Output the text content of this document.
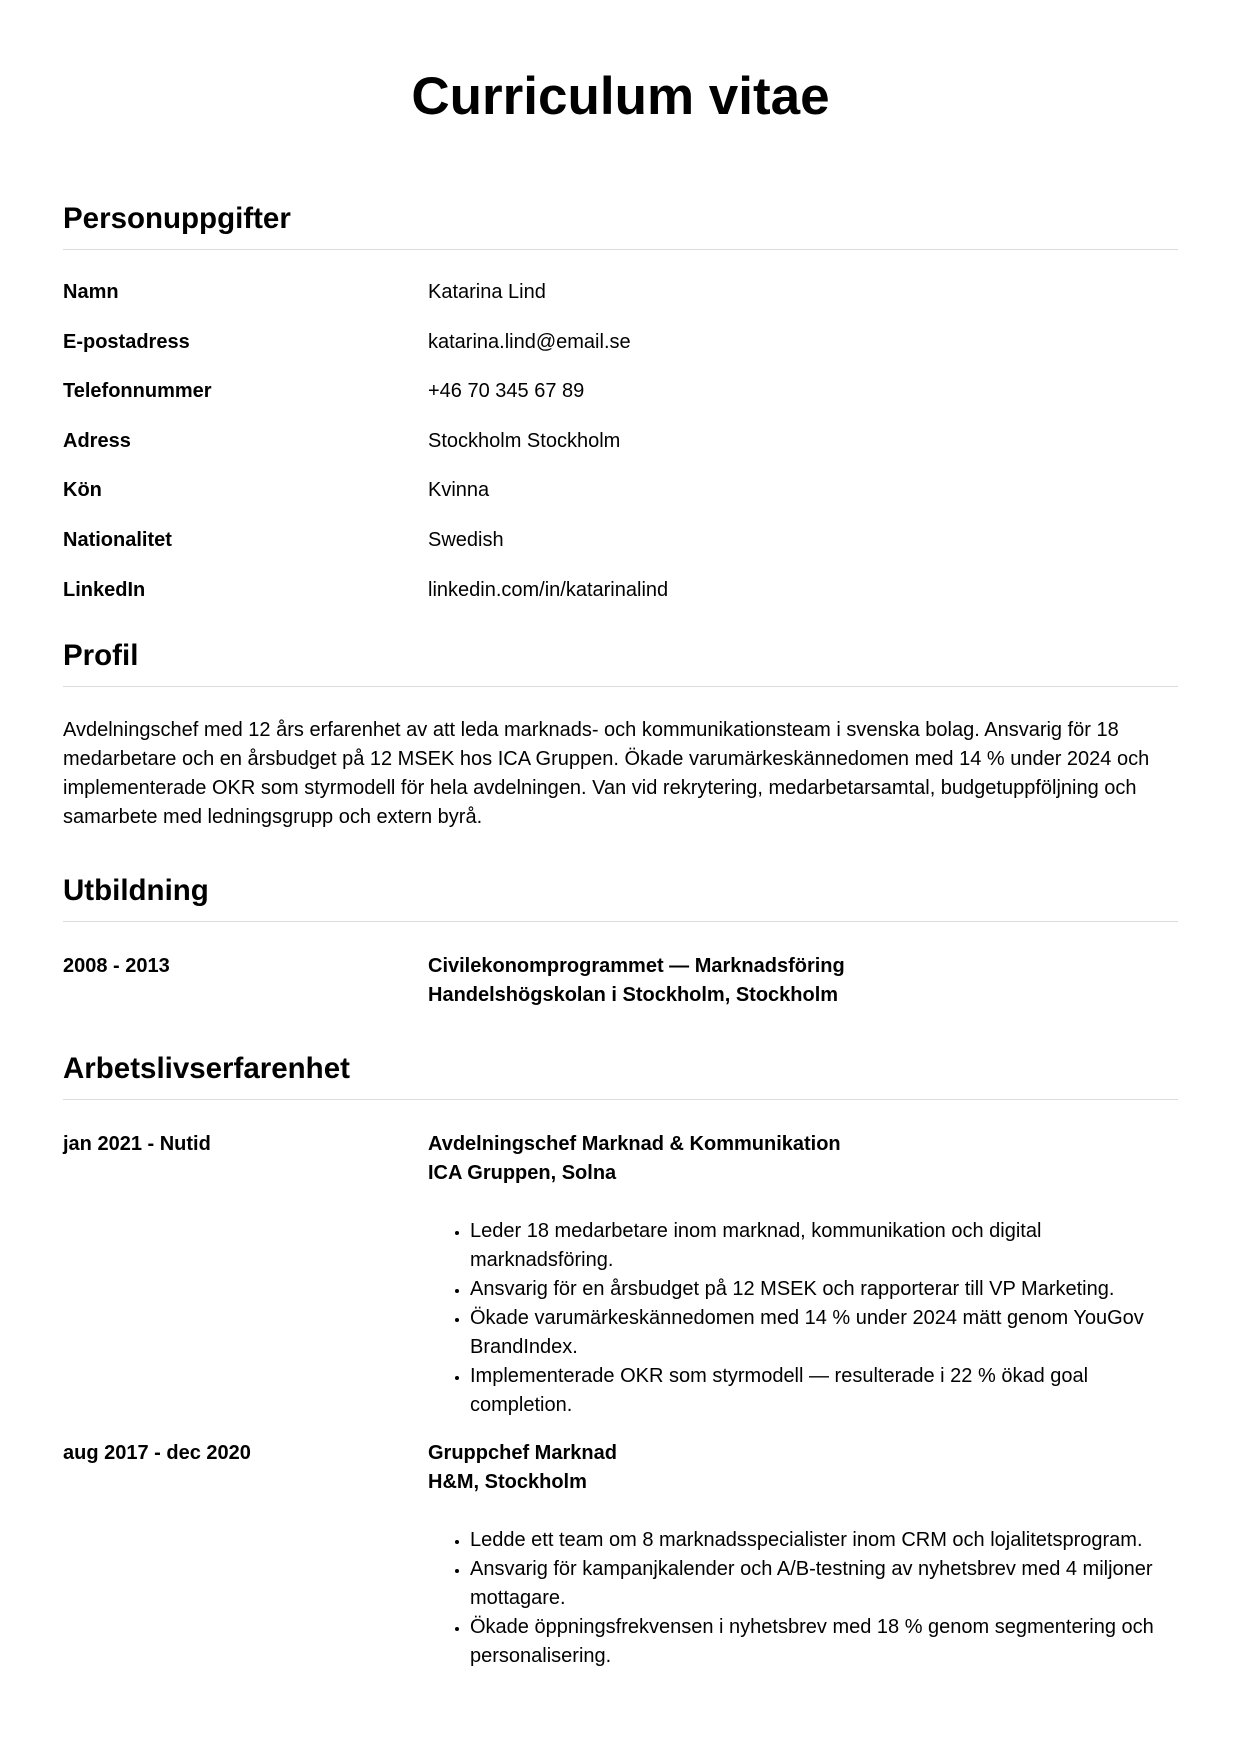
Curriculum vitae
Personuppgifter
Namn	Katarina Lind
E-postadress	katarina.lind@email.se
Telefonnummer	+46 70 345 67 89
Adress	Stockholm Stockholm
Kön	Kvinna
Nationalitet	Swedish
LinkedIn	linkedin.com/in/katarinalind
Profil

Avdelningschef med 12 års erfarenhet av att leda marknads- och kommunikationsteam i svenska bolag. Ansvarig för 18 medarbetare och en årsbudget på 12 MSEK hos ICA Gruppen. Ökade varumärkeskännedomen med 14 % under 2024 och implementerade OKR som styrmodell för hela avdelningen. Van vid rekrytering, medarbetarsamtal, budgetuppföljning och samarbete med ledningsgrupp och extern byrå.

Utbildning
2008 - 2013	Civilekonomprogrammet — Marknadsföring
Handelshögskolan i Stockholm, Stockholm
Arbetslivserfarenhet
jan 2021 - Nutid	Avdelningschef Marknad & Kommunikation
ICA Gruppen, Solna
• Leder 18 medarbetare inom marknad, kommunikation och digital marknadsföring.
• Ansvarig för en årsbudget på 12 MSEK och rapporterar till VP Marketing.
• Ökade varumärkeskännedomen med 14 % under 2024 mätt genom YouGov BrandIndex.
• Implementerade OKR som styrmodell — resulterade i 22 % ökad goal completion.
aug 2017 - dec 2020	Gruppchef Marknad
H&M, Stockholm
• Ledde ett team om 8 marknadsspecialister inom CRM och lojalitetsprogram.
• Ansvarig för kampanjkalender och A/B-testning av nyhetsbrev med 4 miljoner mottagare.
• Ökade öppningsfrekvensen i nyhetsbrev med 18 % genom segmentering och personalisering.
